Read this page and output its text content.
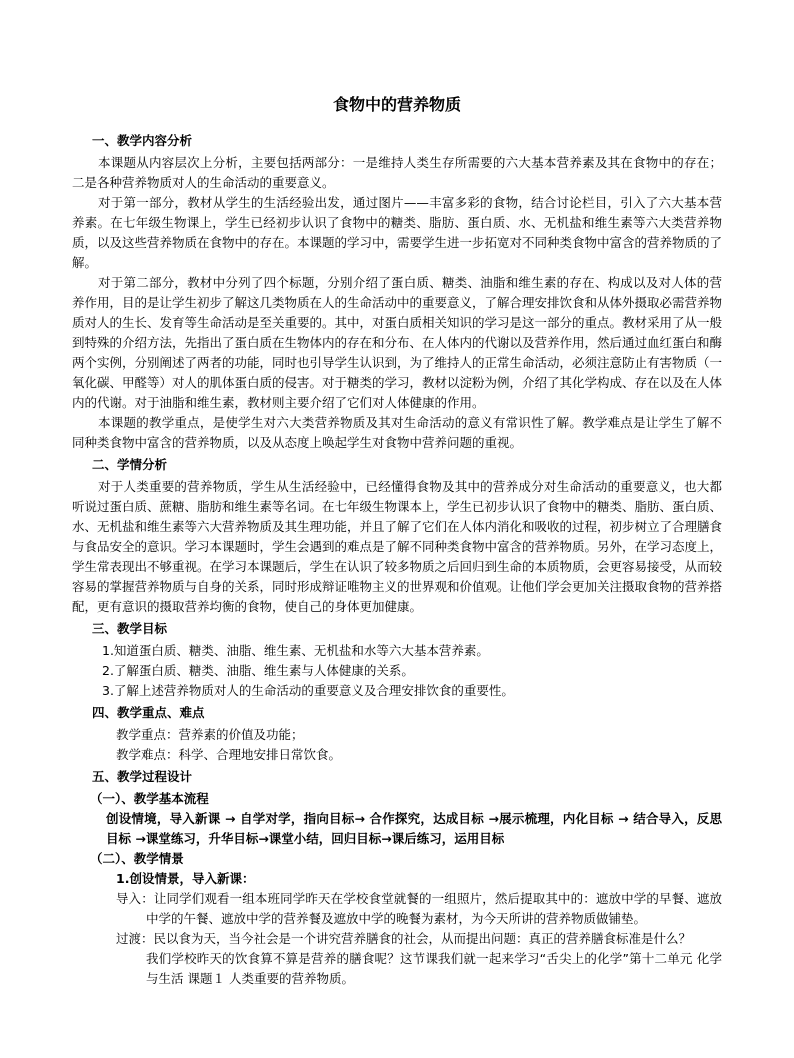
食物中的营养物质
一、教学内容分析

本课题从内容层次上分析，主要包括两部分：一是维持人类生存所需要的六大基本营养素及其在食物中的存在；二是各种营养物质对人的生命活动的重要意义。

对于第一部分，教材从学生的生活经验出发，通过图片——丰富多彩的食物，结合讨论栏目，引入了六大基本营养素。在七年级生物课上，学生已经初步认识了食物中的糖类、脂肪、蛋白质、水、无机盐和维生素等六大类营养物质，以及这些营养物质在食物中的存在。本课题的学习中，需要学生进一步拓宽对不同种类食物中富含的营养物质的了解。

对于第二部分，教材中分列了四个标题，分别介绍了蛋白质、糖类、油脂和维生素的存在、构成以及对人体的营养作用，目的是让学生初步了解这几类物质在人的生命活动中的重要意义，了解合理安排饮食和从体外摄取必需营养物质对人的生长、发育等生命活动是至关重要的。其中，对蛋白质相关知识的学习是这一部分的重点。教材采用了从一般到特殊的介绍方法，先指出了蛋白质在生物体内的存在和分布、在人体内的代谢以及营养作用，然后通过血红蛋白和酶两个实例，分别阐述了两者的功能，同时也引导学生认识到，为了维持人的正常生命活动，必须注意防止有害物质（一氧化碳、甲醛等）对人的肌体蛋白质的侵害。对于糖类的学习，教材以淀粉为例，介绍了其化学构成、存在以及在人体内的代谢。对于油脂和维生素，教材则主要介绍了它们对人体健康的作用。

本课题的教学重点，是使学生对六大类营养物质及其对生命活动的意义有常识性了解。教学难点是让学生了解不同种类食物中富含的营养物质，以及从态度上唤起学生对食物中营养问题的重视。

二、学情分析

对于人类重要的营养物质，学生从生活经验中，已经懂得食物及其中的营养成分对生命活动的重要意义，也大都听说过蛋白质、蔗糖、脂肪和维生素等名词。在七年级生物课本上，学生已初步认识了食物中的糖类、脂肪、蛋白质、水、无机盐和维生素等六大营养物质及其生理功能，并且了解了它们在人体内消化和吸收的过程，初步树立了合理膳食与食品安全的意识。学习本课题时，学生会遇到的难点是了解不同种类食物中富含的营养物质。另外，在学习态度上，学生常表现出不够重视。在学习本课题后，学生在认识了较多物质之后回归到生命的本质物质，会更容易接受，从而较容易的掌握营养物质与自身的关系，同时形成辩证唯物主义的世界观和价值观。让他们学会更加关注摄取食物的营养搭配，更有意识的摄取营养均衡的食物，使自己的身体更加健康。

三、教学目标

1.知道蛋白质、糖类、油脂、维生素、无机盐和水等六大基本营养素。

2.了解蛋白质、糖类、油脂、维生素与人体健康的关系。

3.了解上述营养物质对人的生命活动的重要意义及合理安排饮食的重要性。

四、教学重点、难点

教学重点：营养素的价值及功能；

教学难点：科学、合理地安排日常饮食。

五、教学过程设计
（一）、教学基本流程

创设情境，导入新课 → 自学对学，指向目标→ 合作探究，达成目标 →展示梳理，内化目标 → 结合导入，反思目标 →课堂练习，升华目标→课堂小结，回归目标→课后练习，运用目标

（二）、教学情景
1.创设情景，导入新课：

导入：让同学们观看一组本班同学昨天在学校食堂就餐的一组照片，然后提取其中的：遮放中学的早餐、遮放中学的午餐、遮放中学的营养餐及遮放中学的晚餐为素材，为今天所讲的营养物质做铺垫。

过渡：民以食为天，当今社会是一个讲究营养膳食的社会，从而提出问题：真正的营养膳食标准是什么？

我们学校昨天的饮食算不算是营养的膳食呢？这节课我们就一起来学习“舌尖上的化学”第十二单元 化学与生活 课题１ 人类重要的营养物质。
